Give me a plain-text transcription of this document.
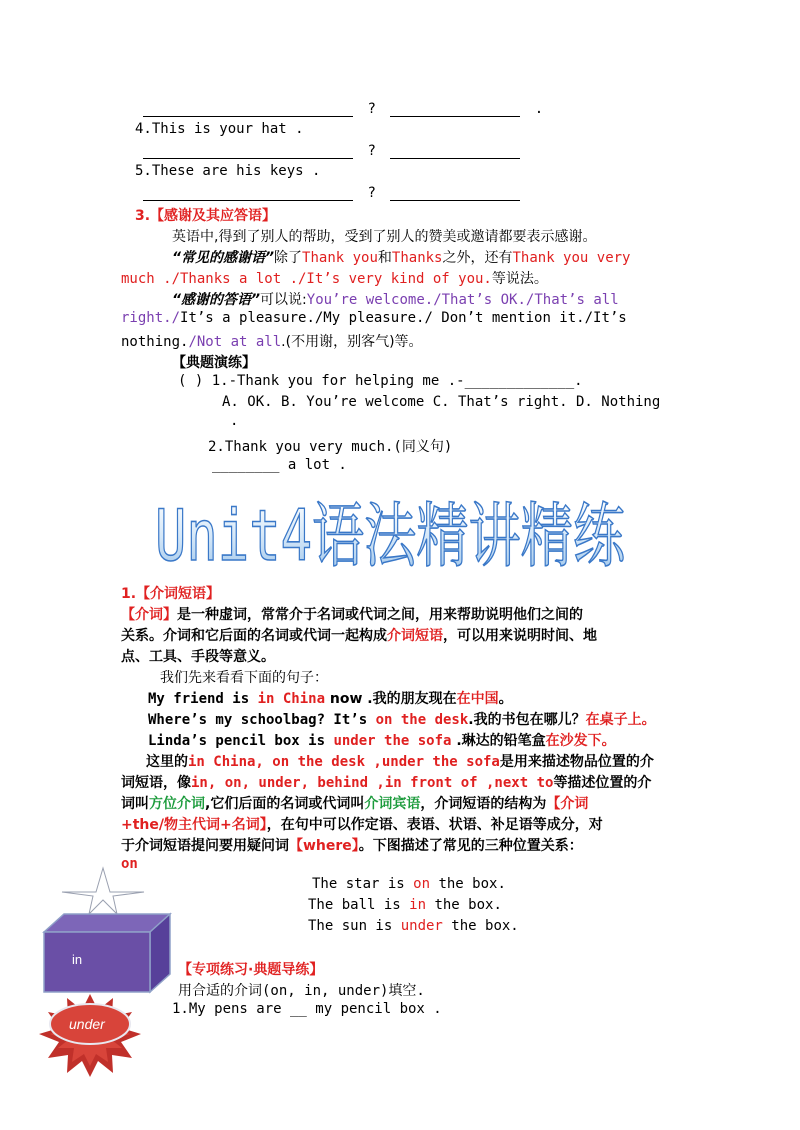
?	.
4.This is your hat .
?
5.These are his keys .
?
3.【感谢及其应答语】
英语中,得到了别人的帮助，受到了别人的赞美或邀请都要表示感谢。
“常见的感谢语”除了Thank you和Thanks之外，还有Thank you very
much ./Thanks a lot ./It’s very kind of you.等说法。
“感谢的答语”可以说:You’re welcome./That’s OK./That’s all
right./It’s a pleasure./My pleasure./ Don’t mention it./It’s
nothing./Not at all.(不用谢，别客气)等。
【典题演练】
( ) 1.-Thank you for helping me .-_____________.
A. OK. B. You’re welcome C. That’s right. D. Nothing
.
2.Thank you very much.(同义句)
________ a lot .
Unit4语法精讲精练
1.【介词短语】
【介词】是一种虚词，常常介于名词或代词之间，用来帮助说明他们之间的
关系。介词和它后面的名词或代词一起构成介词短语，可以用来说明时间、地
点、工具、手段等意义。
我们先来看看下面的句子：
My friend is in China now .我的朋友现在在中国。
Where’s my schoolbag? It’s on the desk.我的书包在哪儿？在桌子上。
Linda’s pencil box is under the sofa .琳达的铅笔盒在沙发下。
这里的in China, on the desk ,under the sofa是用来描述物品位置的介
词短语，像in, on, under, behind ,in front of ,next to等描述位置的介
词叫方位介词,它们后面的名词或代词叫介词宾语，介词短语的结构为【介词
+the/物主代词+名词】，在句中可以作定语、表语、状语、补足语等成分，对
于介词短语提问要用疑问词【where】。下图描述了常见的三种位置关系：
on
in
under
The star is on the box.
The ball is in the box.
The sun is under the box.
【专项练习·典题导练】
用合适的介词(on, in, under)填空.
1.My pens are __ my pencil box .
